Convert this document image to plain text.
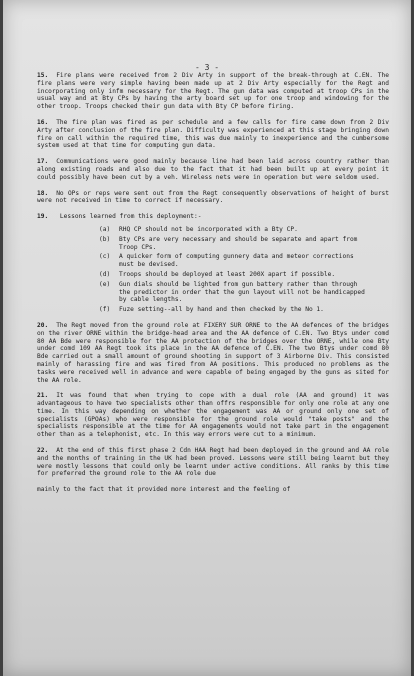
- 3 -
15. Fire plans were received from 2 Div Arty in support of the break-through at C.EN. The fire plans were very simple having been made up at 2 Div Arty especially for the Regt and incorporating only infm necessary for the Regt. The gun data was computed at troop CPs in the usual way and at Bty CPs by having the arty board set up for one troop and windowing for the other troop. Troops checked their gun data with Bty CP before firing.
16. The fire plan was fired as per schedule and a few calls for fire came down from 2 Div Arty after conclusion of the fire plan. Difficulty was experienced at this stage bringing down fire on call within the required time, this was due mainly to inexperience and the cumbersome system used at that time for computing gun data.
17. Communications were good mainly because line had been laid across country rather than along existing roads and also due to the fact that it had been built up at every point it could possibly have been cut by a veh. Wireless nets were in operation but were seldom used.
18. No OPs or reps were sent out from the Regt consequently observations of height of burst were not received in time to correct if necessary.
19. Lessons learned from this deployment:-
(a)	RHQ CP should not be incorporated with a Bty CP.
(b)	Bty CPs are very necessary and should be separate and apart from Troop CPs.
(c)	A quicker form of computing gunnery data and meteor corrections must be devised.
(d)	Troops should be deployed at least 200X apart if possible.
(e)	Gun dials should be lighted from gun battery rather than through the predictor in order that the gun layout will not be handicapped by cable lengths.
(f)	Fuze setting--all by hand and then checked by the No 1.
20. The Regt moved from the ground role at FIXERY SUR ORNE to the AA defences of the bridges on the river ORNE within the bridge-head area and the AA defence of C.EN. Two Btys under comd 80 AA Bde were responsible for the AA protection of the bridges over the ORNE, while one Bty under comd 109 AA Regt took its place in the AA defence of C.EN. The two Btys under comd 80 Bde carried out a small amount of ground shooting in support of 3 Airborne Div. This consisted mainly of harassing fire and was fired from AA positions. This produced no problems as the tasks were received well in advance and were capable of being engaged by the guns as sited for the AA role.
21. It was found that when trying to cope with a dual role (AA and ground) it was advantageous to have two specialists other than offrs responsible for only one role at any one time. In this way depending on whether the engagement was AA or ground only one set of specialists (GPOAs) who were responsible for the ground role would "take posts" and the specialists responsible at the time for AA engagements would not take part in the engagement other than as a telephonist, etc. In this way errors were cut to a minimum.
22. At the end of this first phase 2 Cdn HAA Regt had been deployed in the ground and AA role and the months of training in the UK had been proved. Lessons were still being learnt but they were mostly lessons that could only be learnt under active conditions. All ranks by this time for preferred the ground role to the AA role due
mainly to the fact that it provided more interest and the feeling of
